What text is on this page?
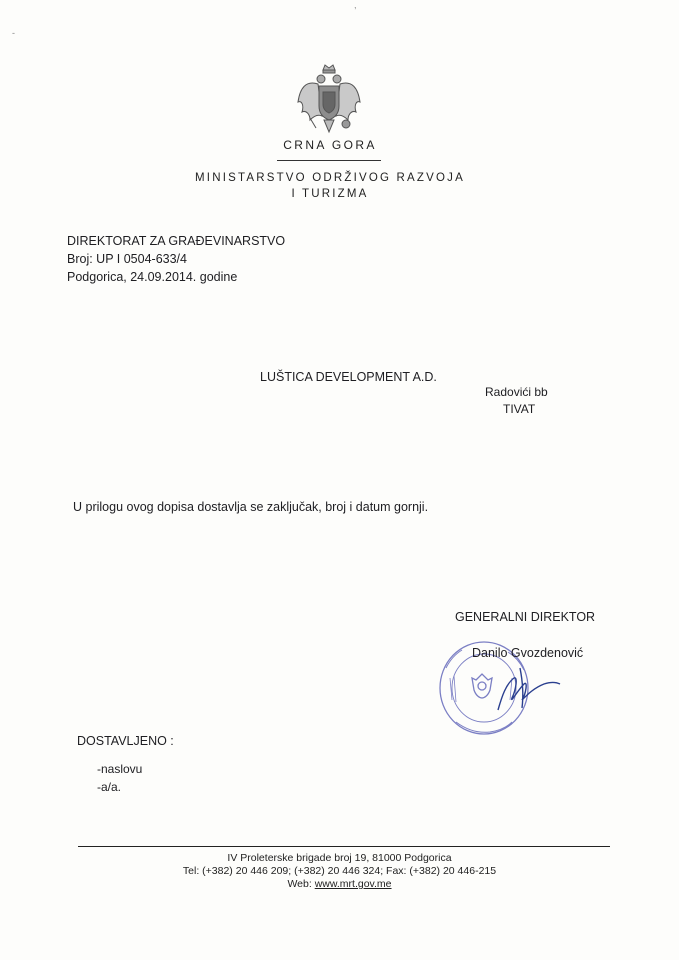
,
-
CRNA GORA
MINISTARSTVO ODRŽIVOG RAZVOJA
I TURIZMA
DIREKTORAT ZA GRAĐEVINARSTVO
Broj: UP I 0504-633/4
Podgorica, 24.09.2014. godine
LUŠTICA DEVELOPMENT A.D.
Radovići bb
TIVAT
U prilogu ovog dopisa dostavlja se zaključak, broj i datum gornji.
GENERALNI DIREKTOR
Danilo Gvozdenović
DOSTAVLJENO :
-naslovu
-a/a.
IV Proleterske brigade broj 19, 81000 Podgorica
Tel: (+382) 20 446 209; (+382) 20 446 324; Fax: (+382) 20 446-215
Web: www.mrt.gov.me
